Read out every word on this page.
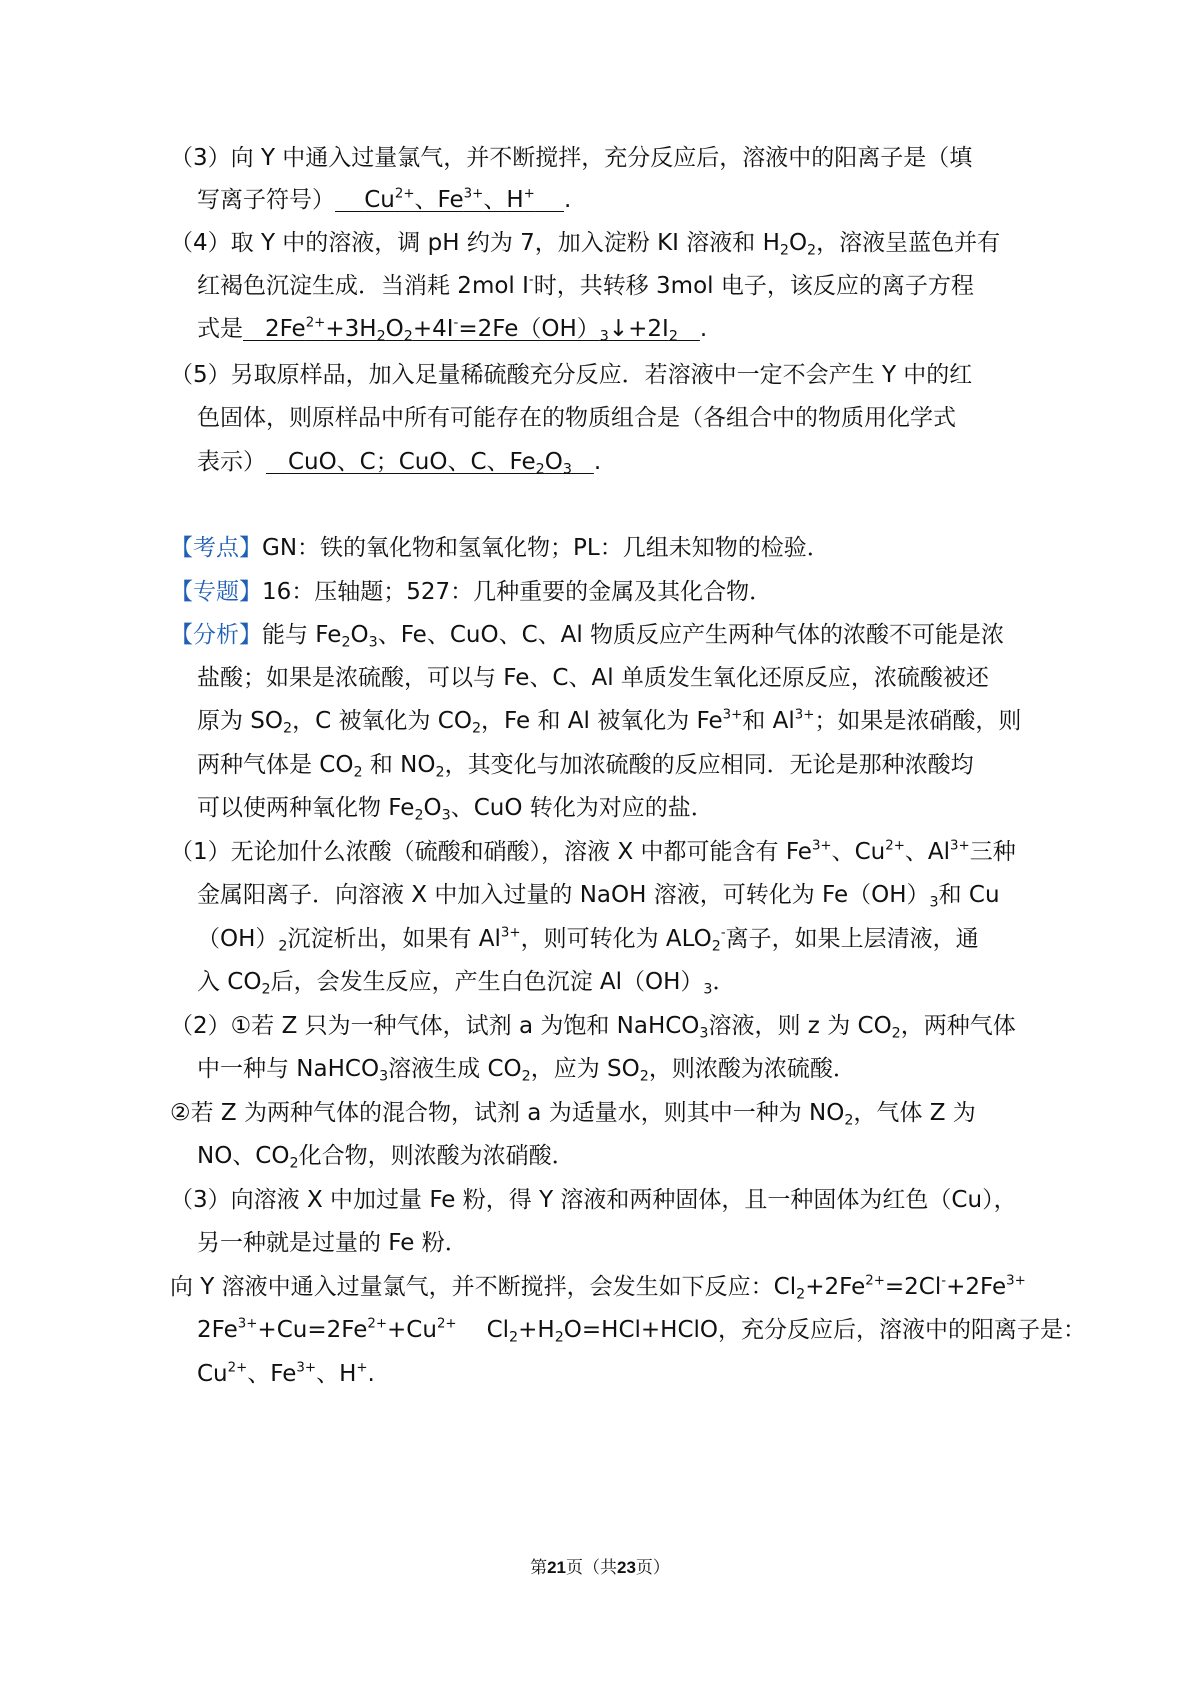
（3）向 Y 中通入过量氯气，并不断搅拌，充分反应后，溶液中的阳离子是（填
写离子符号） $Cu^{2+}$、$Fe^{3+}$、H+ .
（4）取 Y 中的溶液，调 pH 约为 7，加入淀粉 KI 溶液和 $H_2O_2$，溶液呈蓝色并有
红褐色沉淀生成．当消耗 2mol I-时，共转移 3mol 电子，该反应的离子方程
式是 $2Fe^{2+}+3H_2O_2+4I^-=2Fe(OH)_3↓+2I_2$ .
（5）另取原样品，加入足量稀硫酸充分反应．若溶液中一定不会产生 Y 中的红
色固体，则原样品中所有可能存在的物质组合是（各组合中的物质用化学式
表示） CuO、C；CuO、C、$Fe_2O_3$ .
【考点】GN：铁的氧化物和氢氧化物；PL：几组未知物的检验．
【专题】16：压轴题；527：几种重要的金属及其化合物．
【分析】能与 $Fe_2O_3$、Fe、CuO、C、Al 物质反应产生两种气体的浓酸不可能是浓
盐酸；如果是浓硫酸，可以与 Fe、C、Al 单质发生氧化还原反应，浓硫酸被还
原为 $SO_2$，C 被氧化为 $CO_2$，Fe 和 Al 被氧化为 $Fe^{3+}$和 $Al^{3+}$；如果是浓硝酸，则
两种气体是 $CO_2$ 和 $NO_2$，其变化与加浓硫酸的反应相同．无论是那种浓酸均
可以使两种氧化物 $Fe_2O_3$、CuO 转化为对应的盐．
（1）无论加什么浓酸（硫酸和硝酸），溶液 X 中都可能含有 $Fe^{3+}$、$Cu^{2+}$、$Al^{3+}$三种
金属阳离子．向溶液 X 中加入过量的 NaOH 溶液，可转化为 $Fe(OH)_3$和 Cu
$(OH)_2$沉淀析出，如果有 $Al^{3+}$，则可转化为 $ALO_2^-$离子，如果上层清液，通
入 $CO_2$后，会发生反应，产生白色沉淀 $Al(OH)_3$．
（2）①若 Z 只为一种气体，试剂 a 为饱和 NaHCO$_3$溶液，则 z 为 $CO_2$，两种气体
中一种与 NaHCO$_3$溶液生成 $CO_2$，应为 $SO_2$，则浓酸为浓硫酸．
②若 Z 为两种气体的混合物，试剂 a 为适量水，则其中一种为 $NO_2$，气体 Z 为
NO、$CO_2$化合物，则浓酸为浓硝酸．
（3）向溶液 X 中加过量 Fe 粉，得 Y 溶液和两种固体，且一种固体为红色（Cu），
另一种就是过量的 Fe 粉．
向 Y 溶液中通入过量氯气，并不断搅拌，会发生如下反应：$Cl_2+2Fe^{2+}=2Cl^-+2Fe^{3+}$
$2Fe^{3+}+Cu=2Fe^{2+}+Cu^{2+}$ $Cl_2+H_2O=HCl+HClO$，充分反应后，溶液中的阳离子是：
$Cu^{2+}$、$Fe^{3+}$、H+.
第21页（共23页）
